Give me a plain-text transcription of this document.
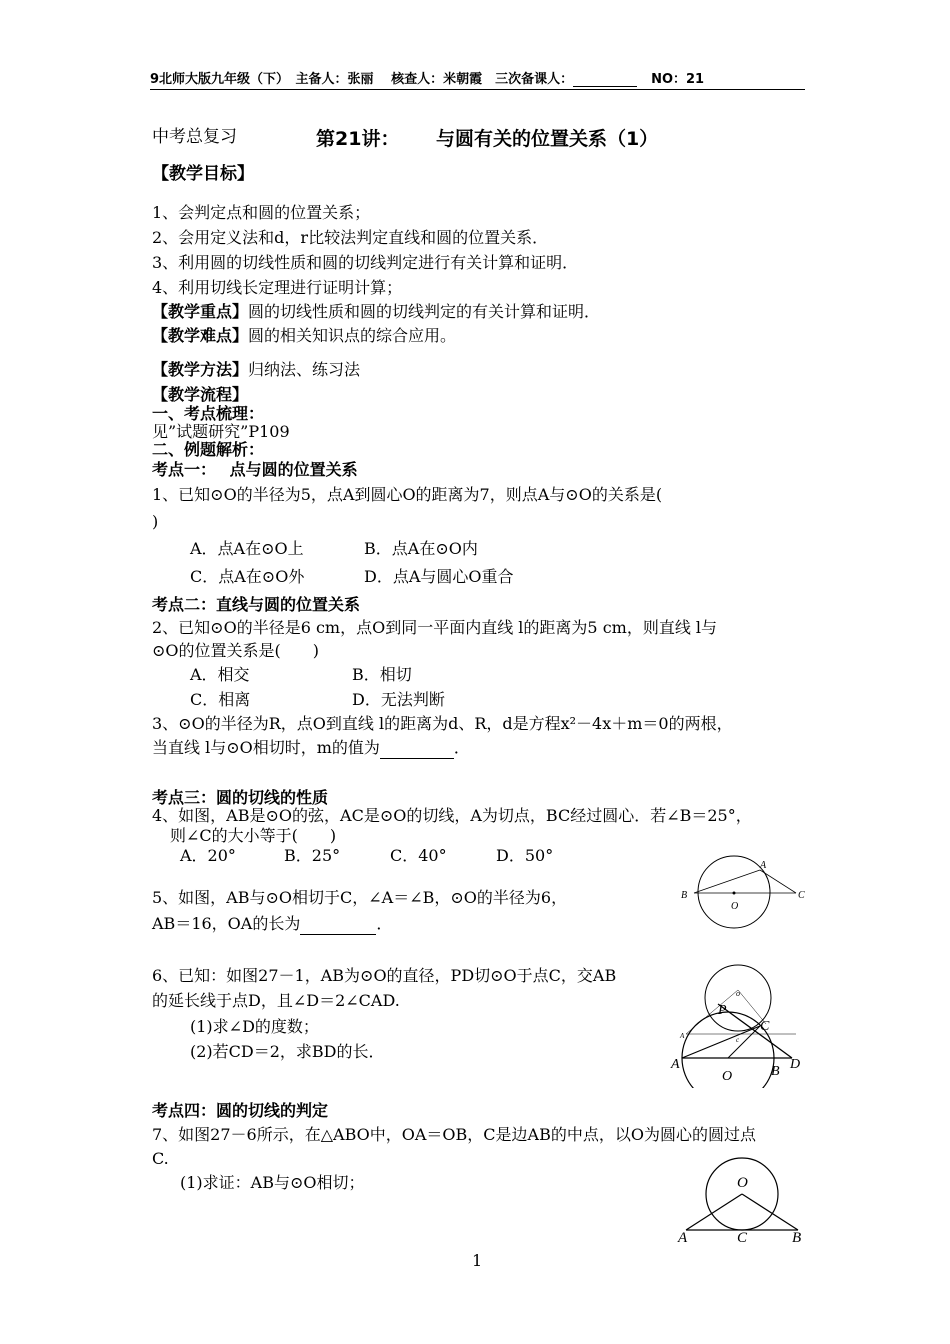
9北师大版九年级（下）　主备人：张丽　 核查人：米朝霞　三次备课人：	NO：21
中考总复习	第21讲： 与圆有关的位置关系（1）
【教学目标】
1、会判定点和圆的位置关系；
2、会用定义法和d，r比较法判定直线和圆的位置关系．
3、利用圆的切线性质和圆的切线判定进行有关计算和证明．
4、利用切线长定理进行证明计算；
【教学重点】圆的切线性质和圆的切线判定的有关计算和证明．
【教学难点】圆的相关知识点的综合应用。
【教学方法】归纳法、练习法
【教学流程】
一、考点梳理：
见”试题研究”P109
二、例题解析：
考点一：　 点与圆的位置关系
1、已知⊙O的半径为5，点A到圆心O的距离为7，则点A与⊙O的关系是(
)
A．点A在⊙O上	B．点A在⊙O内
C．点A在⊙O外	D．点A与圆心O重合
考点二：直线与圆的位置关系
2、已知⊙O的半径是6 cm，点O到同一平面内直线 l的距离为5 cm，则直线 l与
⊙O的位置关系是(　　)
A．相交	B．相切
C．相离	D．无法判断
3、⊙O的半径为R，点O到直线 l的距离为d、R，d是方程x²－4x＋m＝0的两根，
当直线 l与⊙O相切时，m的值为	．
考点三：圆的切线的性质
4、如图，AB是⊙O的弦，AC是⊙O的切线，A为切点，BC经过圆心．若∠B＝25°，
则∠C的大小等于(　　)
A．20°	B．25°	C．40°	D．50°
5、如图，AB与⊙O相切于C，∠A＝∠B，⊙O的半径为6，
AB＝16，OA的长为	．
6、已知：如图27－1，AB为⊙O的直径，PD切⊙O于点C，交AB
的延长线于点D，且∠D＝2∠CAD.
(1)求∠D的度数；
(2)若CD＝2，求BD的长．
考点四：圆的切线的判定
7、如图27－6所示，在△ABO中，OA＝OB，C是边AB的中点，以O为圆心的圆过点
C.
(1)求证：AB与⊙O相切；
B
O
A
C
o
A	c
P
C
A
O	B D
O
A	C	B
1
